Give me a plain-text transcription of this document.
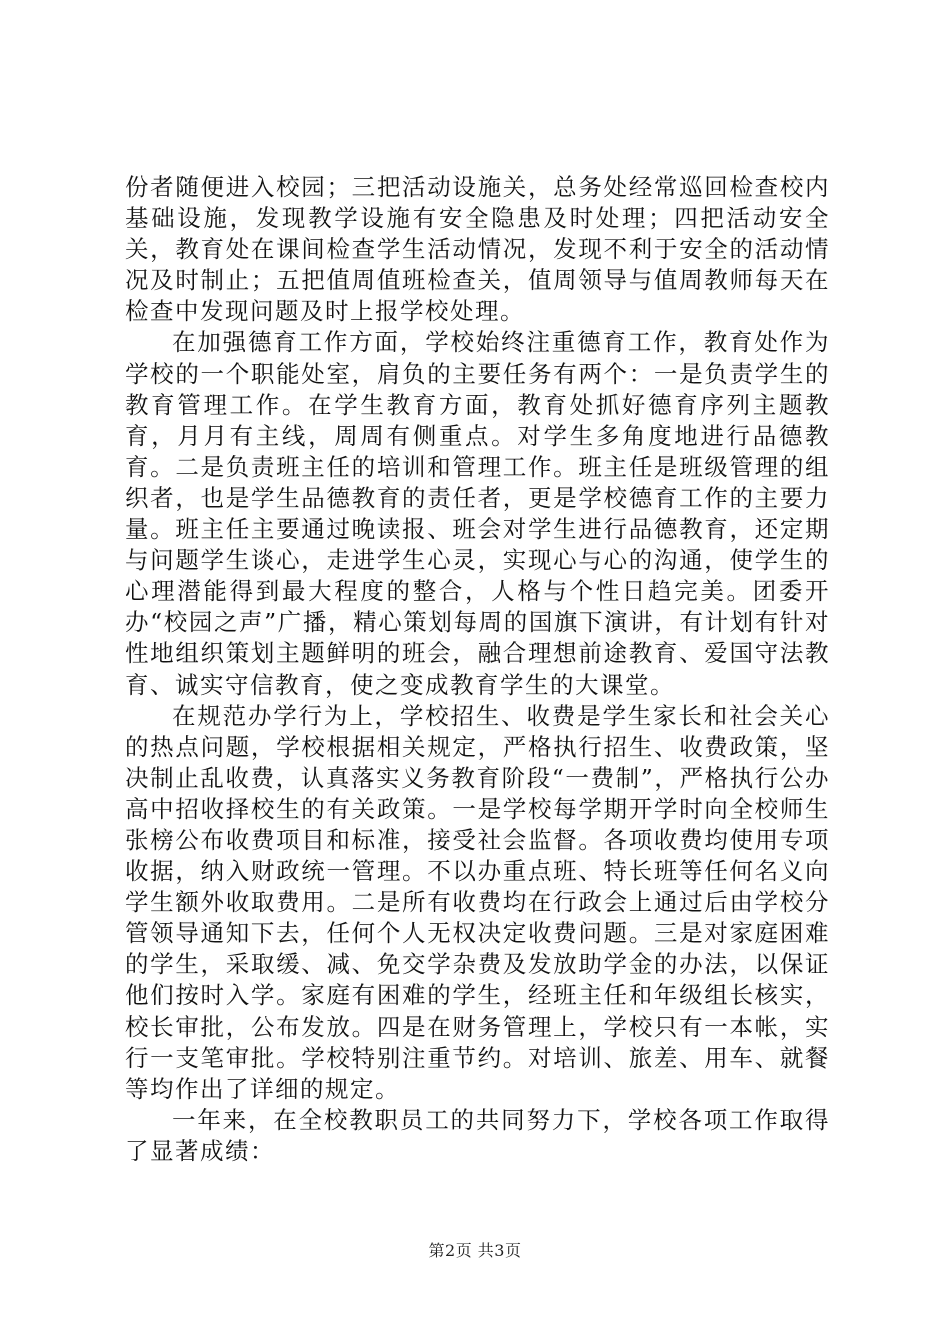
份者随便进入校园；三把活动设施关，总务处经常巡回检查校内基础设施，发现教学设施有安全隐患及时处理；四把活动安全关，教育处在课间检查学生活动情况，发现不利于安全的活动情况及时制止；五把值周值班检查关，值周领导与值周教师每天在检查中发现问题及时上报学校处理。

在加强德育工作方面，学校始终注重德育工作，教育处作为学校的一个职能处室，肩负的主要任务有两个：一是负责学生的教育管理工作。在学生教育方面，教育处抓好德育序列主题教育，月月有主线，周周有侧重点。对学生多角度地进行品德教育。二是负责班主任的培训和管理工作。班主任是班级管理的组织者，也是学生品德教育的责任者，更是学校德育工作的主要力量。班主任主要通过晚读报、班会对学生进行品德教育，还定期与问题学生谈心，走进学生心灵，实现心与心的沟通，使学生的心理潜能得到最大程度的整合，人格与个性日趋完美。团委开办“校园之声”广播，精心策划每周的国旗下演讲，有计划有针对性地组织策划主题鲜明的班会，融合理想前途教育、爱国守法教育、诚实守信教育，使之变成教育学生的大课堂。

在规范办学行为上，学校招生、收费是学生家长和社会关心的热点问题，学校根据相关规定，严格执行招生、收费政策，坚决制止乱收费，认真落实义务教育阶段“一费制”，严格执行公办高中招收择校生的有关政策。一是学校每学期开学时向全校师生张榜公布收费项目和标准，接受社会监督。各项收费均使用专项收据，纳入财政统一管理。不以办重点班、特长班等任何名义向学生额外收取费用。二是所有收费均在行政会上通过后由学校分管领导通知下去，任何个人无权决定收费问题。三是对家庭困难的学生，采取缓、减、免交学杂费及发放助学金的办法，以保证他们按时入学。家庭有困难的学生，经班主任和年级组长核实，校长审批，公布发放。四是在财务管理上，学校只有一本帐，实行一支笔审批。学校特别注重节约。对培训、旅差、用车、就餐等均作出了详细的规定。

一年来，在全校教职员工的共同努力下，学校各项工作取得了显著成绩：

第2页 共3页
